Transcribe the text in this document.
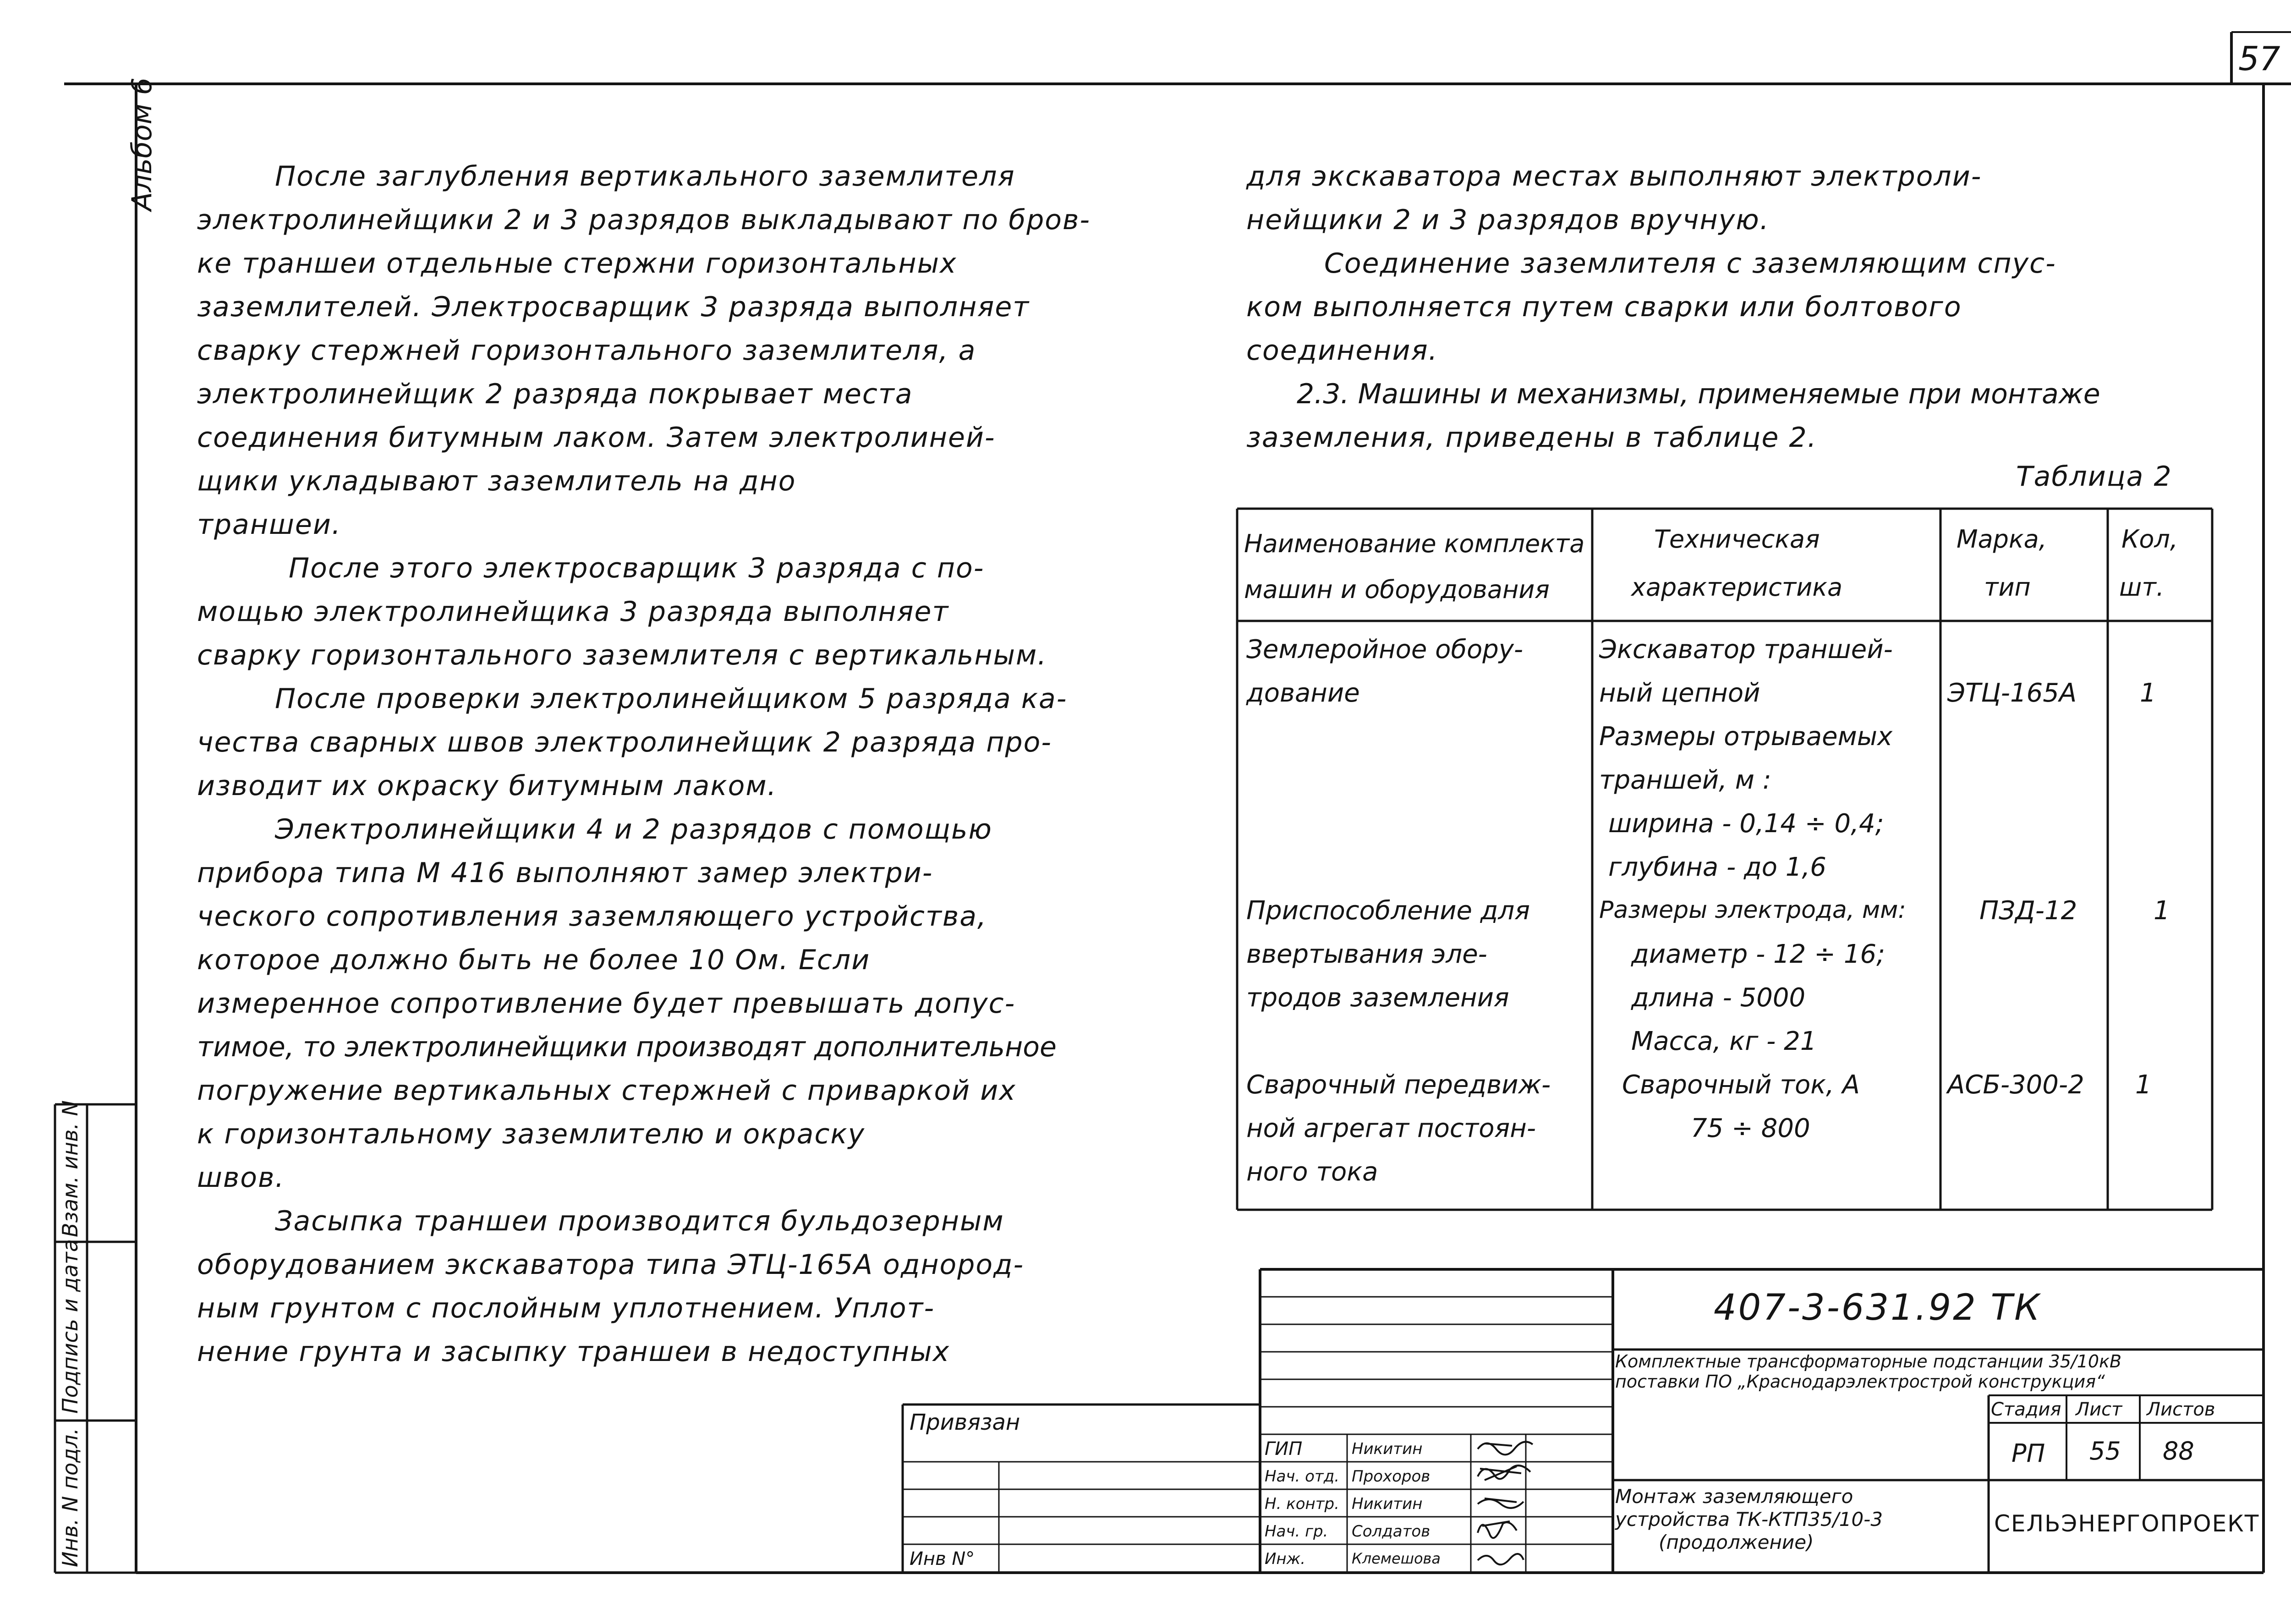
57
Альбом 6
Инв. N подл.
Подпись и дата
Взам. инв. N
После заглубления вертикального заземлителя
электролинейщики 2 и 3 разрядов выкладывают по бров-
ке траншеи отдельные стержни горизонтальных
заземлителей. Электросварщик 3 разряда выполняет
сварку стержней горизонтального заземлителя, а
электролинейщик 2 разряда покрывает места
соединения битумным лаком. Затем электролиней-
щики укладывают заземлитель на дно
траншеи.
После этого электросварщик 3 разряда с по-
мощью электролинейщика 3 разряда выполняет
сварку горизонтального заземлителя с вертикальным.
После проверки электролинейщиком 5 разряда ка-
чества сварных швов электролинейщик 2 разряда про-
изводит их окраску битумным лаком.
Электролинейщики 4 и 2 разрядов с помощью
прибора типа М 416 выполняют замер электри-
ческого сопротивления заземляющего устройства,
которое должно быть не более 10 Ом. Если
измеренное сопротивление будет превышать допус-
тимое, то электролинейщики производят дополнительное
погружение вертикальных стержней с приваркой их
к горизонтальному заземлителю и окраску
швов.
Засыпка траншеи производится бульдозерным
оборудованием экскаватора типа ЭТЦ-165А однород-
ным грунтом с послойным уплотнением. Уплот-
нение грунта и засыпку траншеи в недоступных
для экскаватора местах выполняют электроли-
нейщики 2 и 3 разрядов вручную.
Соединение заземлителя с заземляющим спус-
ком выполняется путем сварки или болтового
соединения.
2.3. Машины и механизмы, применяемые при монтаже
заземления, приведены в таблице 2.
Таблица 2
Наименование комплекта
машин и оборудования
Техническая
характеристика
Марка,
тип
Кол,
шт.
Землеройное обору-
дование
Экскаватор траншей-
ный цепной
Размеры отрываемых
траншей, м :
ширина - 0,14 ÷ 0,4;
глубина - до 1,6
ЭТЦ-165А 1
Приспособление для
ввертывания эле-
тродов заземления
Размеры электрода, мм:
диаметр - 12 ÷ 16;
длина - 5000
Масса, кг - 21
ПЗД-12	1
Сварочный передвиж-
ной агрегат постоян-
ного тока
Сварочный ток, А
75 ÷ 800
АСБ-300-2 1
407-3-631.92 ТК
Комплектные трансформаторные подстанции 35/10кВ
поставки ПО „Краснодарэлектрострой конструкция“
Привязан
Инв N°
ГИП
Нач. отд.
Н. контр.
Нач. гр.
Инж.
Никитин
Прохоров
Никитин
Солдатов
Клемешова
Монтаж заземляющего
устройства ТК-КТП35/10-3
(продолжение)
Стадия Лист Листов
РП 55 88
СЕЛЬЭНЕРГОПРОЕКТ
